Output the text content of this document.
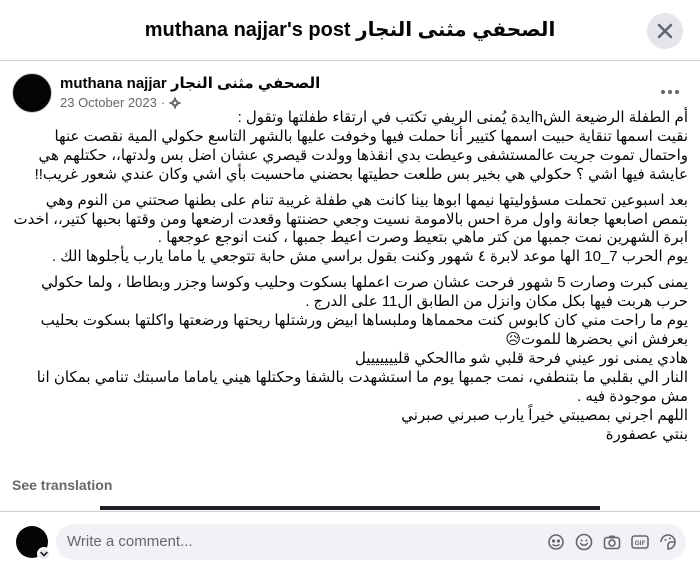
muthana najjar's post الصحفي مثنى النجار
muthana najjar الصحفي مثنى النجار
23 October 2023 ·

أم الطفلة الرضيعة الشhايدة يُمنى الريفي تكتب في ارتقاء طفلتها وتقول :
نقيت اسمها تنقاية حبيت اسمها كتيير أنا حملت فيها وخوفت عليها بالشهر التاسع حكولي المية نقصت عنها واحتمال تموت جريت عالمستشفى وعيطت بدي انقذها وولدت قيصري عشان اضل بس ولدتها،، حكتلهم هي عايشة فيها اشي ؟ حكولي هي بخير بس طلعت حطيتها بحضني ماحسيت بأي اشي وكان عندي شعور غريب!!

بعد اسبوعين تحملت مسؤوليتها نيمها ابوها بينا كانت هي طفلة غريبة تنام على بطنها صحتني من النوم وهي بتمص اصابعها جعانة واول مرة احس بالامومة نسيت وجعي حضنتها وقعدت ارضعها ومن وقتها بحبها كتير،، اخدت ابرة الشهرين نمت جمبها من كتر ماهي بتعيط وصرت اعيط جمبها ، كنت انوجع عوجعها .
يوم الحرب 7_10 الها موعد لابرة ٤ شهور وكنت بقول براسي مش حابة تتوجعي يا ماما يارب يأجلوها الك .

يمنى كبرت وصارت 5 شهور فرحت عشان صرت اعملها بسكوت وحليب وكوسا وجزر وبطاطا ، ولما حكولي حرب هربت فيها بكل مكان وانزل من الطابق ال11 على الدرج .
يوم ما راحت مني كان كابوس كنت محمماها وملبساها ابيض ورشتلها ريحتها ورضعتها واكلتها بسكوت بحليب بعرفش اني بحضرها للموت😥
هادي يمنى نور عيني فرحة قلبي شو ماالحكي قليييييييل
النار الي بقلبي ما بتنطفي، نمت جمبها يوم ما استشهدت بالشفا وحكتلها هيني ياماما ماسبتك تنامي بمكان انا مش موجودة فيه .
اللهم اجرني بمصيبتي خيراً يارب صبرني صبرني
بنتي عصفورة

See translation
Write a comment...	GIF
